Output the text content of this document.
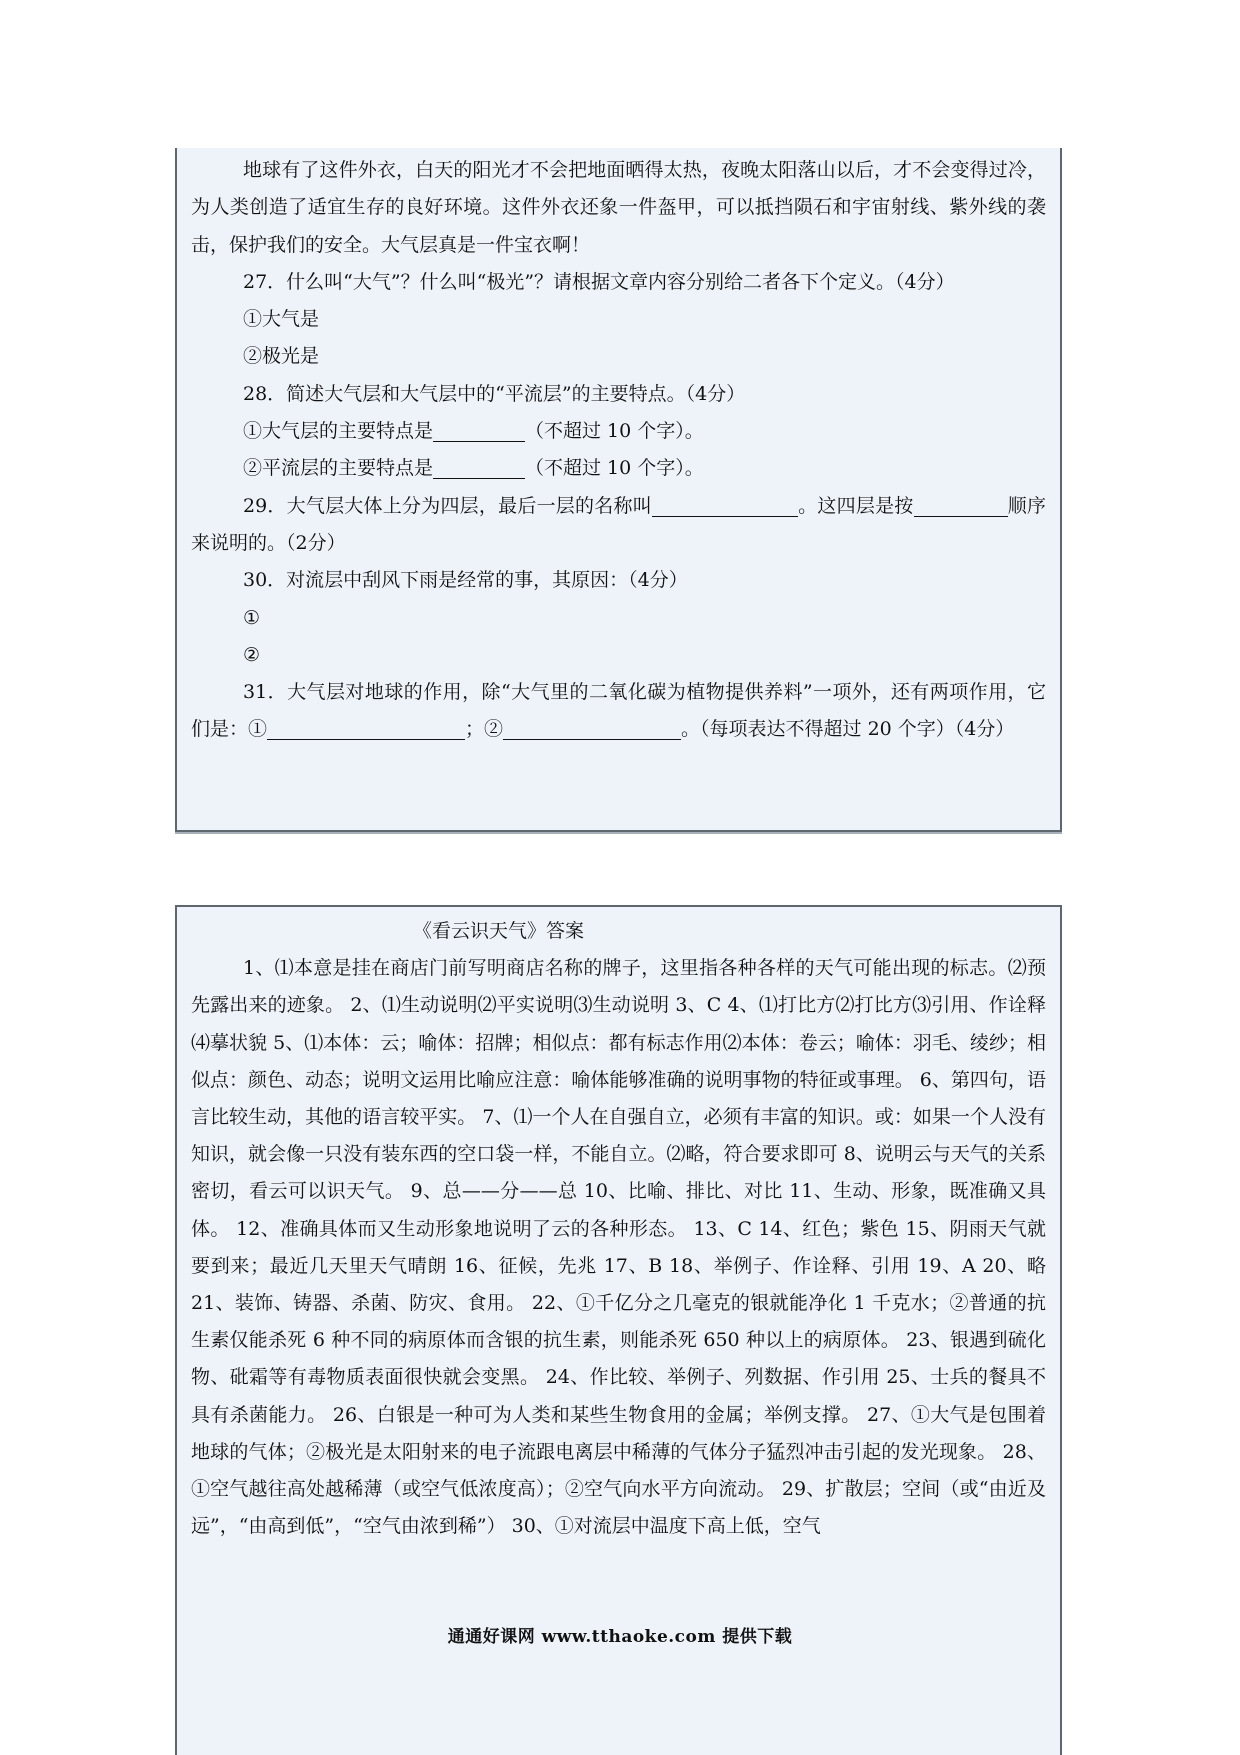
地球有了这件外衣，白天的阳光才不会把地面晒得太热，夜晚太阳落山以后，才不会变得过冷，为人类创造了适宜生存的良好环境。这件外衣还象一件盔甲，可以抵挡陨石和宇宙射线、紫外线的袭击，保护我们的安全。大气层真是一件宝衣啊！

27．什么叫“大气”？什么叫“极光”？请根据文章内容分别给二者各下个定义。（4分）

①大气是

②极光是

28．简述大气层和大气层中的“平流层”的主要特点。（4分）

①大气层的主要特点是	（不超过 10 个字）。

②平流层的主要特点是	（不超过 10 个字）。

29．大气层大体上分为四层，最后一层的名称叫	。这四层是按	顺序来说明的。（2分）

30．对流层中刮风下雨是经常的事，其原因：（4分）

①

②

31．大气层对地球的作用，除“大气里的二氧化碳为植物提供养料”一项外，还有两项作用，它们是：①	；②	。（每项表达不得超过 20 个字）（4分）

《看云识天气》答案

1、⑴本意是挂在商店门前写明商店名称的牌子，这里指各种各样的天气可能出现的标志。⑵预先露出来的迹象。 2、⑴生动说明⑵平实说明⑶生动说明 3、C 4、⑴打比方⑵打比方⑶引用、作诠释⑷摹状貌 5、⑴本体：云；喻体：招牌；相似点：都有标志作用⑵本体：卷云；喻体：羽毛、绫纱；相似点：颜色、动态；说明文运用比喻应注意：喻体能够准确的说明事物的特征或事理。 6、第四句，语言比较生动，其他的语言较平实。 7、⑴一个人在自强自立，必须有丰富的知识。或：如果一个人没有知识，就会像一只没有装东西的空口袋一样，不能自立。⑵略，符合要求即可 8、说明云与天气的关系密切，看云可以识天气。 9、总——分——总 10、比喻、排比、对比 11、生动、形象，既准确又具体。 12、准确具体而又生动形象地说明了云的各种形态。 13、C 14、红色；紫色 15、阴雨天气就要到来；最近几天里天气晴朗 16、征候，先兆 17、B 18、举例子、作诠释、引用 19、A 20、略 21、装饰、铸器、杀菌、防灾、食用。 22、①千亿分之几毫克的银就能净化 1 千克水；②普通的抗生素仅能杀死 6 种不同的病原体而含银的抗生素，则能杀死 650 种以上的病原体。 23、银遇到硫化物、砒霜等有毒物质表面很快就会变黑。 24、作比较、举例子、列数据、作引用 25、士兵的餐具不具有杀菌能力。 26、白银是一种可为人类和某些生物食用的金属；举例支撑。 27、①大气是包围着地球的气体；②极光是太阳射来的电子流跟电离层中稀薄的气体分子猛烈冲击引起的发光现象。 28、①空气越往高处越稀薄（或空气低浓度高）；②空气向水平方向流动。 29、扩散层；空间（或“由近及远”，“由高到低”，“空气由浓到稀”） 30、①对流层中温度下高上低，空气

通通好课网 www.tthaoke.com 提供下载
